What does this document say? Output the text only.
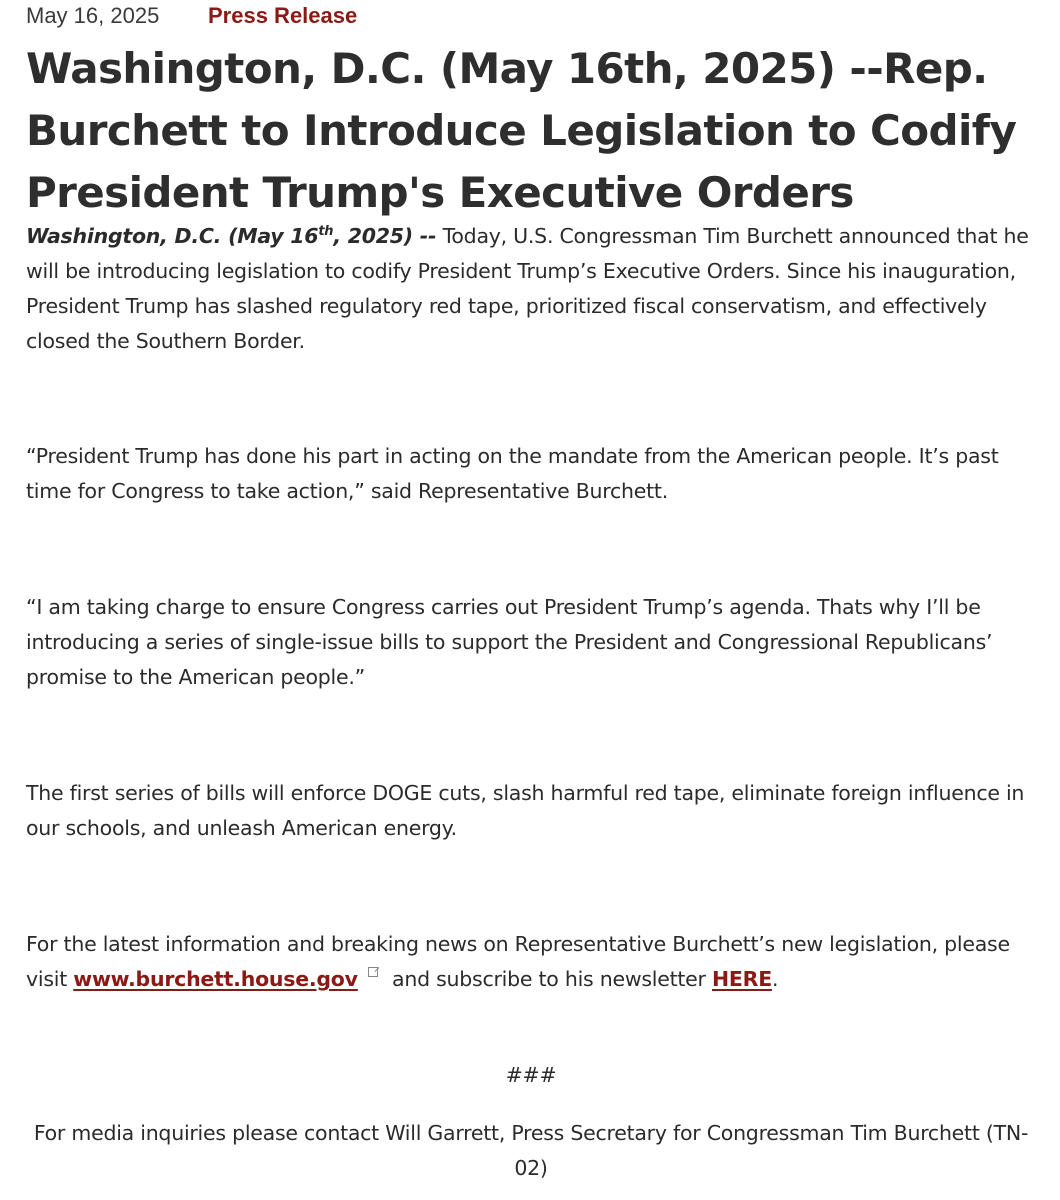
May 16, 2025 Press Release
Washington, D.C. (May 16th, 2025) --Rep. Burchett to Introduce Legislation to Codify President Trump's Executive Orders

Washington, D.C. (May 16th, 2025) -- Today, U.S. Congressman Tim Burchett announced that he will be introducing legislation to codify President Trump’s Executive Orders. Since his inauguration, President Trump has slashed regulatory red tape, prioritized fiscal conservatism, and effectively closed the Southern Border.

“President Trump has done his part in acting on the mandate from the American people. It’s past time for Congress to take action,” said Representative Burchett.

“I am taking charge to ensure Congress carries out President Trump’s agenda. Thats why I’ll be introducing a series of single-issue bills to support the President and Congressional Republicans’ promise to the American people.”

The first series of bills will enforce DOGE cuts, slash harmful red tape, eliminate foreign influence in our schools, and unleash American energy.

For the latest information and breaking news on Representative Burchett’s new legislation, please visit www.burchett.house.gov and subscribe to his newsletter HERE.

###

For media inquiries please contact Will Garrett, Press Secretary for Congressman Tim Burchett (TN-02)
